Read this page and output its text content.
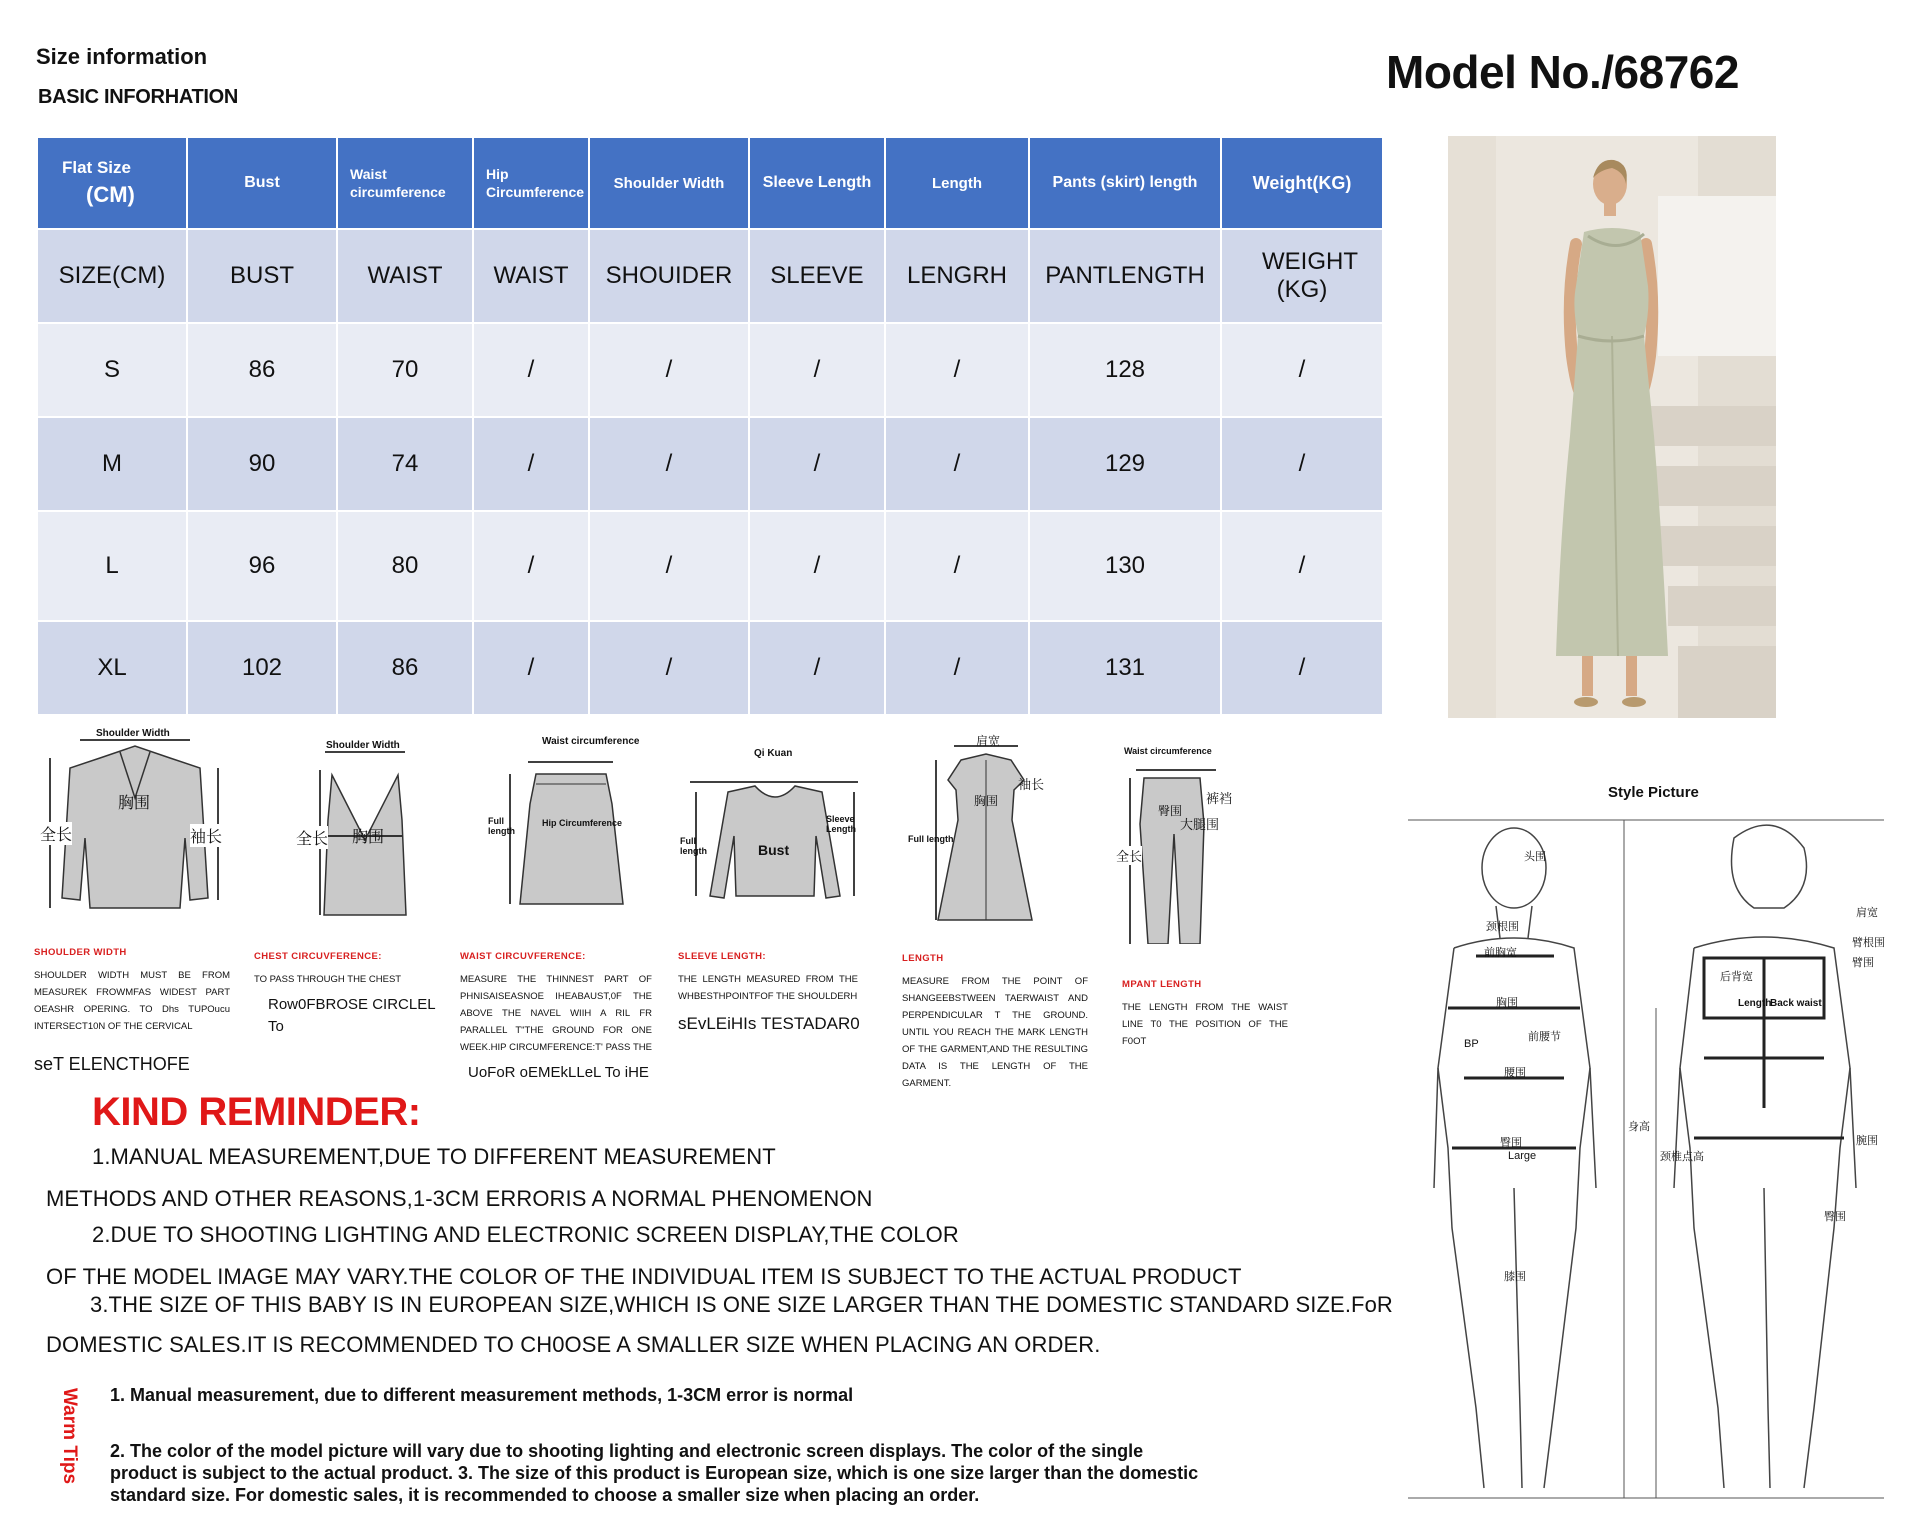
Size information
BASIC INFORHATION	Model No./68762
Flat Size
(CM)	Bust	Waist circumference	Hip Circumference	Shoulder Width	Sleeve Length	Length	Pants (skirt) length	Weight(KG)
SIZE(CM)	BUST	WAIST	WAIST	SHOUIDER	SLEEVE	LENGRH	PANTLENGTH	WEIGHT (KG)
S	86	70	/	/	/	/	128	/
M	90	74	/	/	/	/	129	/
L	96	80	/	/	/	/	130	/
XL	102	86	/	/	/	/	131	/
Shoulder Width
胸围
全长	袖长
Shoulder Width
胸围
全长
Waist circumference
Full length
Hip Circumference
Qi Kuan
Full length
Sleeve Length
Bust
肩宽
袖长
胸围
Full length
Waist circumference
裤裆
大腿围
臀围
全长
SHOULDER WIDTH
SHOULDER WIDTH MUST BE FROM MEASUREK FROWMFAS WIDEST PART OEASHR OPERING. TO Dhs TUPOucu INTERSECT10N OF THE CERVICAL
seT ELENCTHOFE
CHEST CIRCUVFERENCE:
TO PASS THROUGH THE CHEST
Row0FBROSE CIRCLEL
To
WAIST CIRCUVFERENCE:
MEASURE THE THINNEST PART OF PHNISAISEASNOE IHEABAUST,0F THE ABOVE THE NAVEL WIIH A RIL FR PARALLEL T"THE GROUND FOR ONE WEEK.HIP CIRCUMFERENCE:T' PASS THE
UoFoR oEMEkLLeL To iHE
SLEEVE LENGTH:
THE LENGTH MEASURED FROM THE WHBESTHPOINTFOF THE SHOULDERH
sEvLEiHIs TESTADAR0
LENGTH
MEASURE FROM THE POINT OF SHANGEEBSTWEEN TAERWAIST AND PERPENDICULAR T THE GROUND. UNTIL YOU REACH THE MARK LENGTH OF THE GARMENT,AND THE RESULTING DATA IS THE LENGTH OF THE GARMENT.
MPANT LENGTH
THE LENGTH FROM THE WAIST LINE T0 THE POSITION OF THE F0OT
KIND REMINDER:
1.MANUAL MEASUREMENT,DUE TO DIFFERENT MEASUREMENT
METHODS AND OTHER REASONS,1-3CM ERRORIS A NORMAL PHENOMENON
2.DUE TO SHOOTING LIGHTING AND ELECTRONIC SCREEN DISPLAY,THE COLOR
OF THE MODEL IMAGE MAY VARY.THE COLOR OF THE INDIVIDUAL ITEM IS SUBJECT TO THE ACTUAL PRODUCT
3.THE SIZE OF THIS BABY IS IN EUROPEAN SIZE,WHICH IS ONE SIZE LARGER THAN THE DOMESTIC STANDARD SIZE.FoR
DOMESTIC SALES.IT IS RECOMMENDED TO CH0OSE A SMALLER SIZE WHEN PLACING AN ORDER.
Warm Tips 1. Manual measurement, due to different measurement methods, 1-3CM error is normal
2. The color of the model picture will vary due to shooting lighting and electronic screen displays. The color of the single product is subject to the actual product. 3. The size of this product is European size, which is one size larger than the domestic standard size. For domestic sales, it is recommended to choose a smaller size when placing an order.
Style Picture
头围
颈根围
前胸宽
胸围
前腰节
BP
腰围
臀围
Large
膝围
身高
肩宽
臂根围
臂围
后背宽
Length
Back waist
腕围
颈椎点高
臀围
